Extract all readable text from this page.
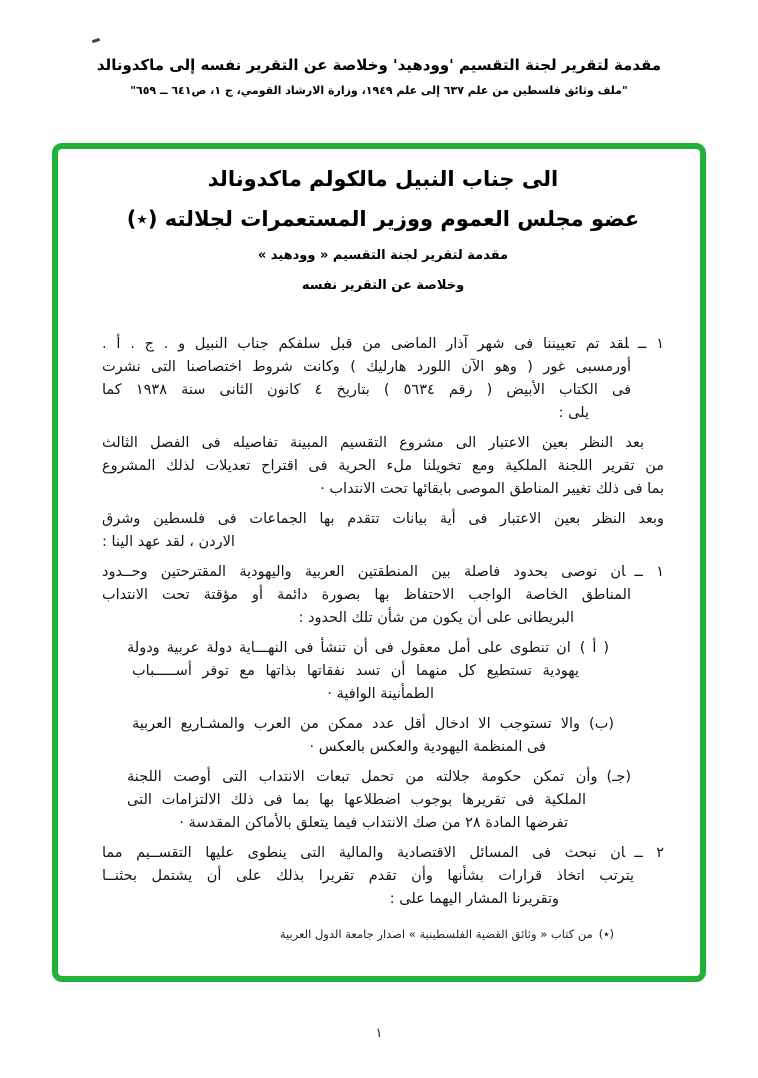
مقدمة لتقرير لجنة التقسيم 'وودهيد' وخلاصة عن التقرير نفسه إلى ماكدونالد
"ملف وثائق فلسطين من علم ٦٣٧ إلى علم ١٩٤٩، وزارة الارشاد القومي، ج ١، ص٦٤١ ــ ٦٥٩"
الى جناب النبيل مالكولم ماكدونالد
عضو مجلس العموم ووزير المستعمرات لجلالته (٭)
مقدمة لتقرير لجنة التقسيم « وودهيد »
وخلاصة عن التقرير نفسه
١ ــلقد تم تعييننا فى شهر آذار الماضى من قبل سلفكم جناب النبيل و . ج . أ .
أورمسبى غور ( وهو الآن اللورد هارليك ) وكانت شروط اختصاصنا التى نشرت
فى الكتاب الأبيض ( رقم ٥٦٣٤ ) بتاريخ ٤ كانون الثانى سنة ١٩٣٨ كما
يلى :
بعد النظر بعين الاعتبار الى مشروع التقسيم المبينة تفاصيله فى الفصل الثالث
من تقرير اللجنة الملكية ومع تخويلنا ملء الحرية فى اقتراح تعديلات لذلك المشروع
بما فى ذلك تغيير المناطق الموصى بابقائها تحت الانتداب ·
وبعد النظر بعين الاعتبار فى أية بيانات تتقدم بها الجماعات فى فلسطين وشرق
الاردن ، لقد عهد الينا :
١ ــان نوصى بحدود فاصلة بين المنطقتين العربية واليهودية المقترحتين وحــدود
المناطق الخاصة الواجب الاحتفاظ بها بصورة دائمة أو مؤقتة تحت الانتداب
البريطانى على أن يكون من شأن تلك الحدود :
( أ )ان تنطوى على أمل معقول فى أن تنشأ فى النهـــاية دولة عربية ودولة
يهودية تستطيع كل منهما أن تسد نفقاتها بذاتها مع توفر أســـــباب
الطمأنينة الوافية ·
(ب)والا تستوجب الا ادخال أقل عدد ممكن من العرب والمشـاريع العربية
فى المنظمة اليهودية والعكس بالعكس ·
(جـ)وأن تمكن حكومة جلالته من تحمل تبعات الانتداب التى أوصت اللجنة
الملكية فى تقريرها بوجوب اضطلاعها بها بما فى ذلك الالتزامات التى
تفرضها المادة ٢٨ من صك الانتداب فيما يتعلق بالأماكن المقدسة ·
٢ ــان نبحث فى المسائل الاقتصادية والمالية التى ينطوى عليها التقســيم مما
يترتب اتخاذ قرارات بشأنها وأن تقدم تقريرا بذلك على أن يشتمل بحثنــا
وتقريرنا المشار اليهما على :
(٭)من كتاب « وثائق القضية الفلسطينية » اصدار جامعة الدول العربية
١
